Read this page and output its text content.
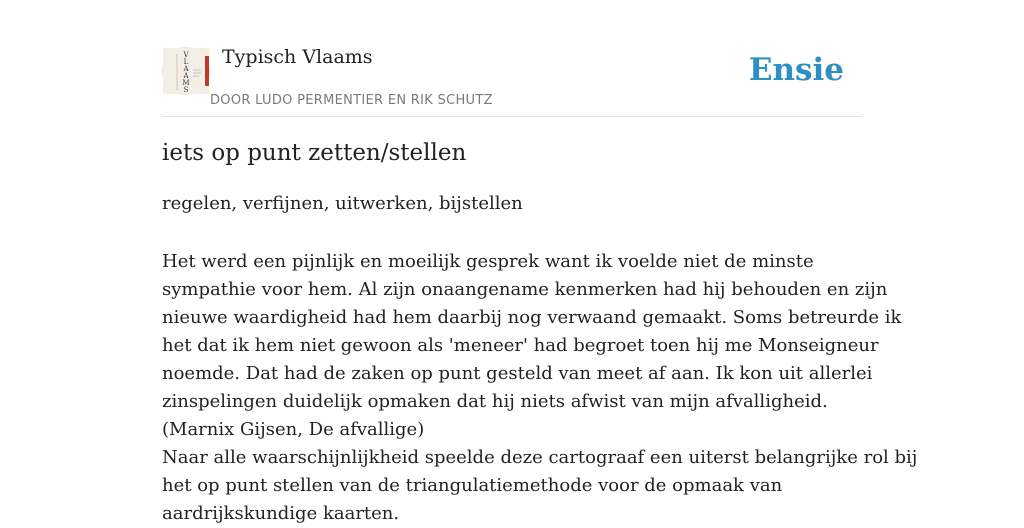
V
L
A
A
M
S
Typisch Vlaams
DOOR LUDO PERMENTIER EN RIK SCHUTZ
Ensie
iets op punt zetten/stellen

regelen, verfijnen, uitwerken, bijstellen

Het werd een pijnlijk en moeilijk gesprek want ik voelde niet de minste
sympathie voor hem. Al zijn onaangename kenmerken had hij behouden en zijn
nieuwe waardigheid had hem daarbij nog verwaand gemaakt. Soms betreurde ik
het dat ik hem niet gewoon als 'meneer' had begroet toen hij me Monseigneur
noemde. Dat had de zaken op punt gesteld van meet af aan. Ik kon uit allerlei
zinspelingen duidelijk opmaken dat hij niets afwist van mijn afvalligheid.
(Marnix Gijsen, De afvallige)
Naar alle waarschijnlijkheid speelde deze cartograaf een uiterst belangrijke rol bij
het op punt stellen van de triangulatiemethode voor de opmaak van
aardrijkskundige kaarten.
